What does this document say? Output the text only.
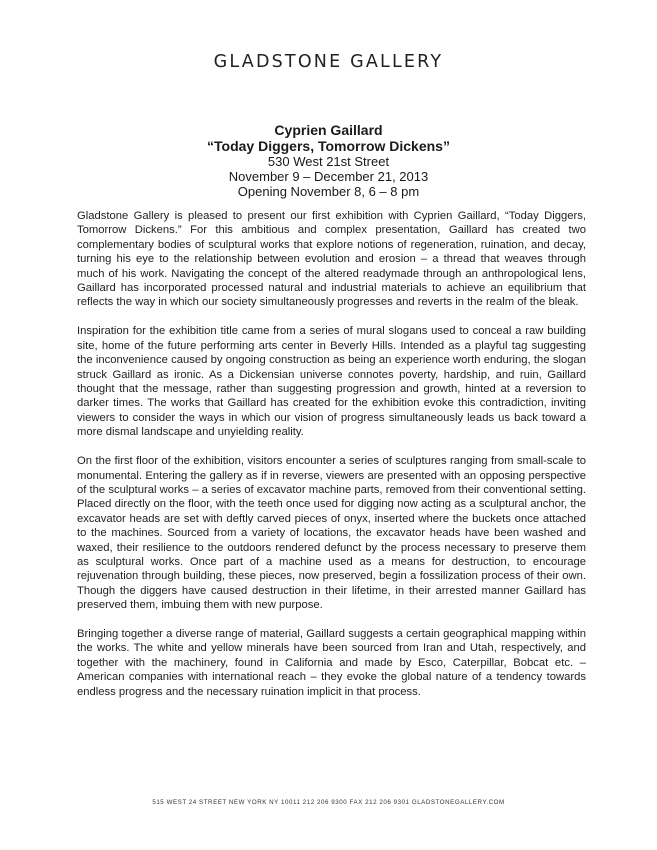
GLADSTONE GALLERY
Cyprien Gaillard
“Today Diggers, Tomorrow Dickens”
530 West 21st Street
November 9 – December 21, 2013
Opening November 8, 6 – 8 pm

Gladstone Gallery is pleased to present our first exhibition with Cyprien Gaillard, “Today Diggers, Tomorrow Dickens.” For this ambitious and complex presentation, Gaillard has created two complementary bodies of sculptural works that explore notions of regeneration, ruination, and decay, turning his eye to the relationship between evolution and erosion – a thread that weaves through much of his work. Navigating the concept of the altered readymade through an anthropological lens, Gaillard has incorporated processed natural and industrial materials to achieve an equilibrium that reflects the way in which our society simultaneously progresses and reverts in the realm of the bleak.

Inspiration for the exhibition title came from a series of mural slogans used to conceal a raw building site, home of the future performing arts center in Beverly Hills. Intended as a playful tag suggesting the inconvenience caused by ongoing construction as being an experience worth enduring, the slogan struck Gaillard as ironic. As a Dickensian universe connotes poverty, hardship, and ruin, Gaillard thought that the message, rather than suggesting progression and growth, hinted at a reversion to darker times. The works that Gaillard has created for the exhibition evoke this contradiction, inviting viewers to consider the ways in which our vision of progress simultaneously leads us back toward a more dismal landscape and unyielding reality.

On the first floor of the exhibition, visitors encounter a series of sculptures ranging from small-scale to monumental. Entering the gallery as if in reverse, viewers are presented with an opposing perspective of the sculptural works – a series of excavator machine parts, removed from their conventional setting. Placed directly on the floor, with the teeth once used for digging now acting as a sculptural anchor, the excavator heads are set with deftly carved pieces of onyx, inserted where the buckets once attached to the machines. Sourced from a variety of locations, the excavator heads have been washed and waxed, their resilience to the outdoors rendered defunct by the process necessary to preserve them as sculptural works. Once part of a machine used as a means for destruction, to encourage rejuvenation through building, these pieces, now preserved, begin a fossilization process of their own. Though the diggers have caused destruction in their lifetime, in their arrested manner Gaillard has preserved them, imbuing them with new purpose.

Bringing together a diverse range of material, Gaillard suggests a certain geographical mapping within the works. The white and yellow minerals have been sourced from Iran and Utah, respectively, and together with the machinery, found in California and made by Esco, Caterpillar, Bobcat etc. – American companies with international reach – they evoke the global nature of a tendency towards endless progress and the necessary ruination implicit in that process.

515 WEST 24 STREET NEW YORK NY 10011 212 206 9300 FAX 212 206 9301 GLADSTONEGALLERY.COM
